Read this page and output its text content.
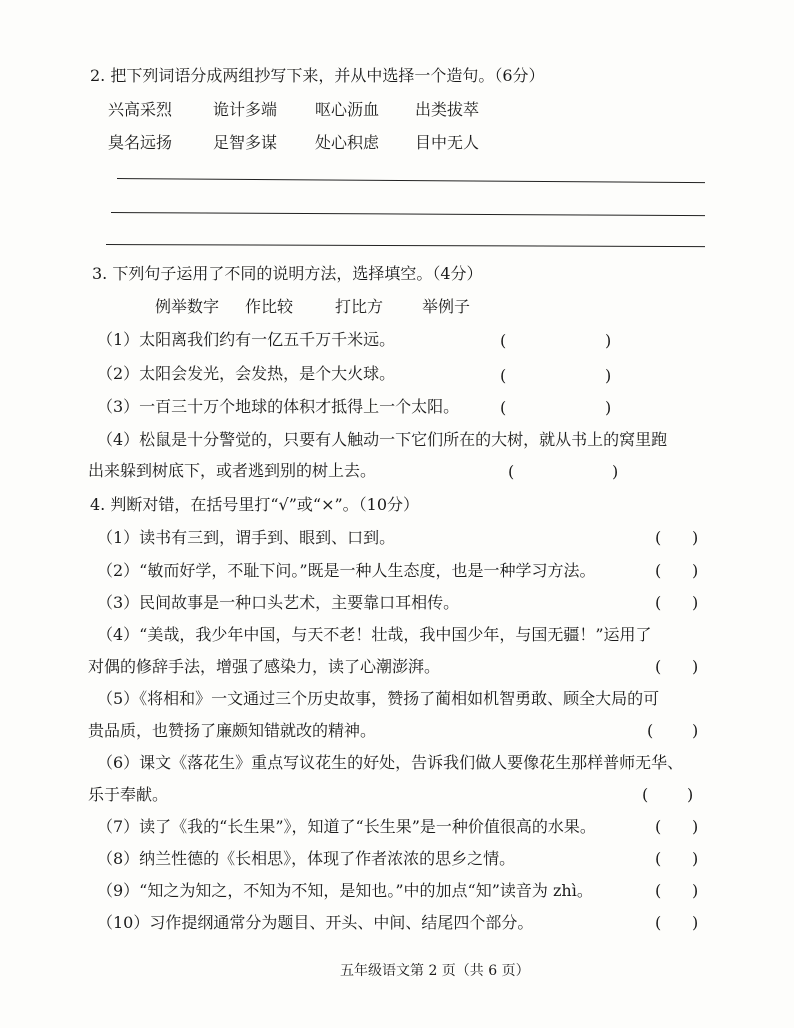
2. 把下列词语分成两组抄写下来，并从中选择一个造句。（6分）
兴高采烈	诡计多端 呕心沥血 出类拔萃
臭名远扬	足智多谋 处心积虑 目中无人
3. 下列句子运用了不同的说明方法，选择填空。（4分）
例举数字 作比较	打比方 举例子
（1）太阳离我们约有一亿五千万千米远。	(	)
（2）太阳会发光，会发热，是个大火球。	(	)
（3）一百三十万个地球的体积才抵得上一个太阳。	(	)
（4）松鼠是十分警觉的，只要有人触动一下它们所在的大树，就从书上的窝里跑
出来躲到树底下，或者逃到别的树上去。	(	)
4. 判断对错，在括号里打“√”或“×”。（10分）
（1）读书有三到，谓手到、眼到、口到。	( )
（2）“敏而好学，不耻下问。”既是一种人生态度，也是一种学习方法。	( )
（3）民间故事是一种口头艺术，主要靠口耳相传。	( )
（4）“美哉，我少年中国，与天不老！壮哉，我中国少年，与国无疆！”运用了
对偶的修辞手法，增强了感染力，读了心潮澎湃。	( )
（5）《将相和》一文通过三个历史故事，赞扬了蔺相如机智勇敢、顾全大局的可
贵品质，也赞扬了廉颇知错就改的精神。	( )
（6）课文《落花生》重点写议花生的好处，告诉我们做人要像花生那样普师无华、
乐于奉献。	( )
（7）读了《我的“长生果”》，知道了“长生果”是一种价值很高的水果。	( )
（8）纳兰性德的《长相思》，体现了作者浓浓的思乡之情。	( )
（9）“知之为知之，不知为不知，是知也。”中的加点“知”读音为 zhì。	( )
（10）习作提纲通常分为题目、开头、中间、结尾四个部分。	( )
五年级语文第 2 页（共 6 页）
